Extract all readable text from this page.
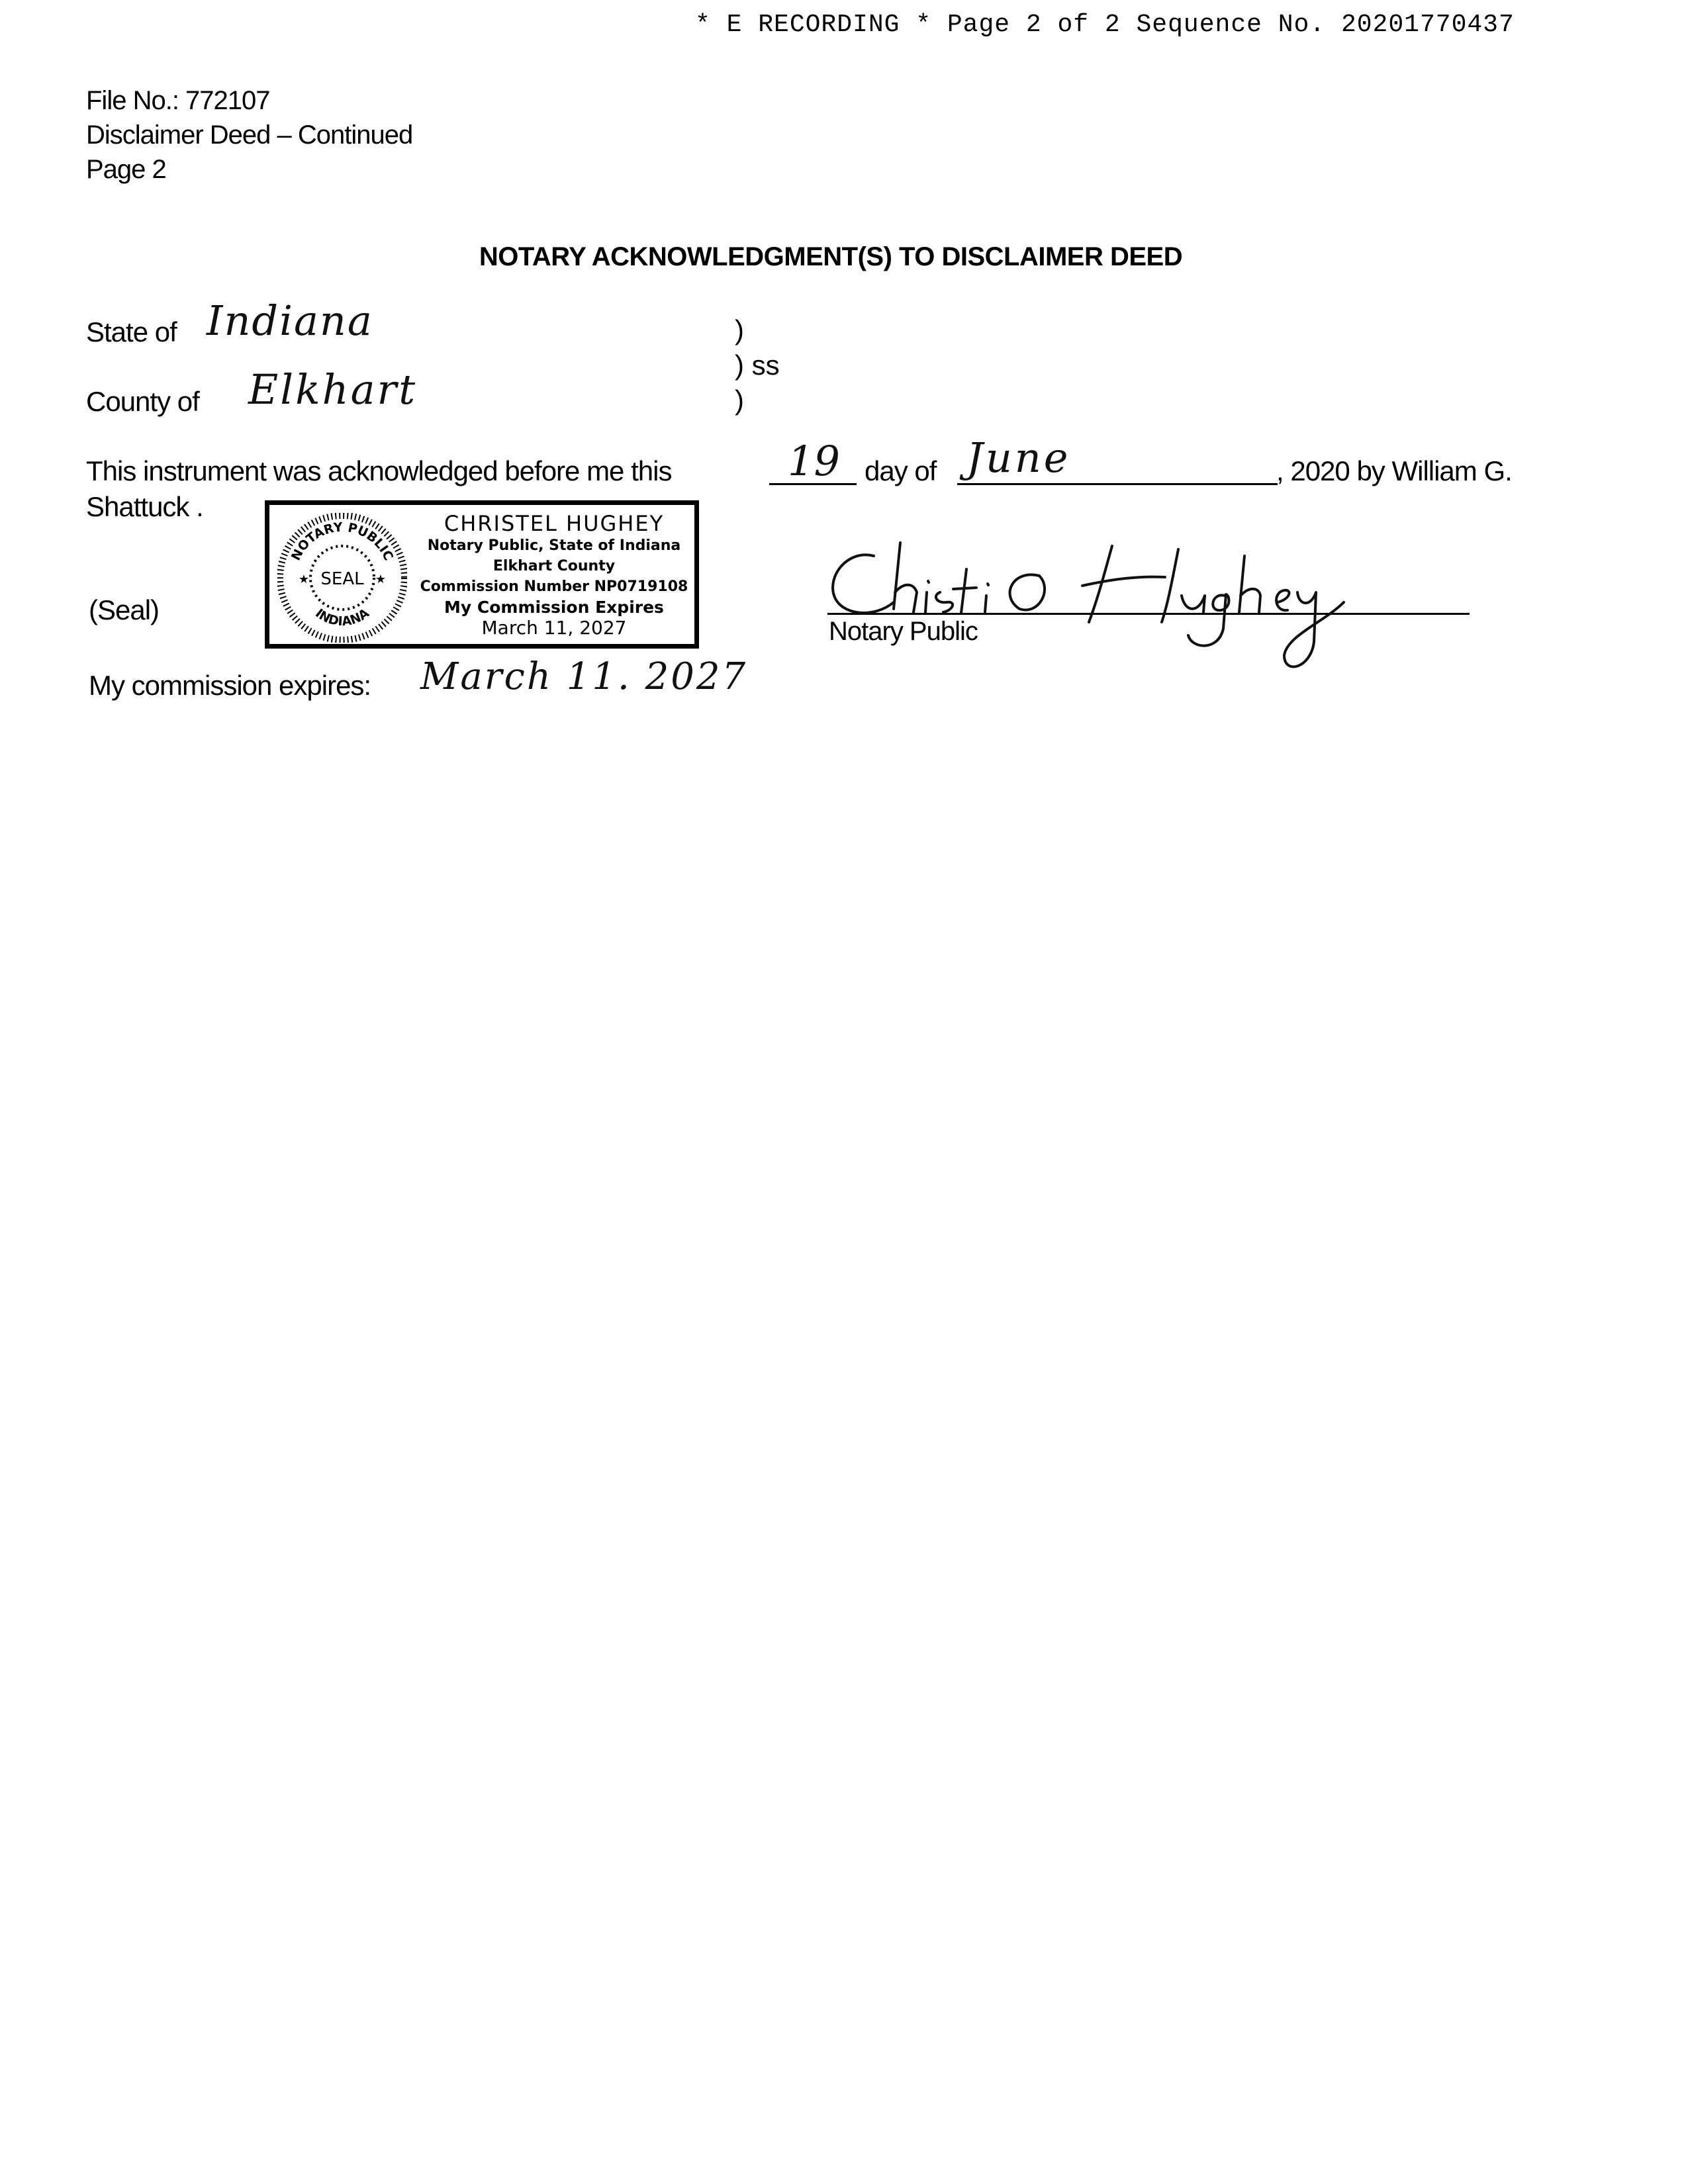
* E RECORDING * Page 2 of 2 Sequence No. 20201770437
File No.: 772107
Disclaimer Deed – Continued
Page 2
NOTARY ACKNOWLEDGMENT(S) TO DISCLAIMER DEED
State of Indiana	)
) ss
)
County of Elkhart
This instrument was acknowledged before me this	19 day of June	, 2020 by William G.
Shattuck .
(Seal)
NOTARY PUBLIC
INDIANA
SEAL
★	★
CHRISTEL HUGHEY
Notary Public, State of Indiana
Elkhart County
Commission Number NP0719108
My Commission Expires
March 11, 2027	Notary Public
My commission expires: March 11. 2027
